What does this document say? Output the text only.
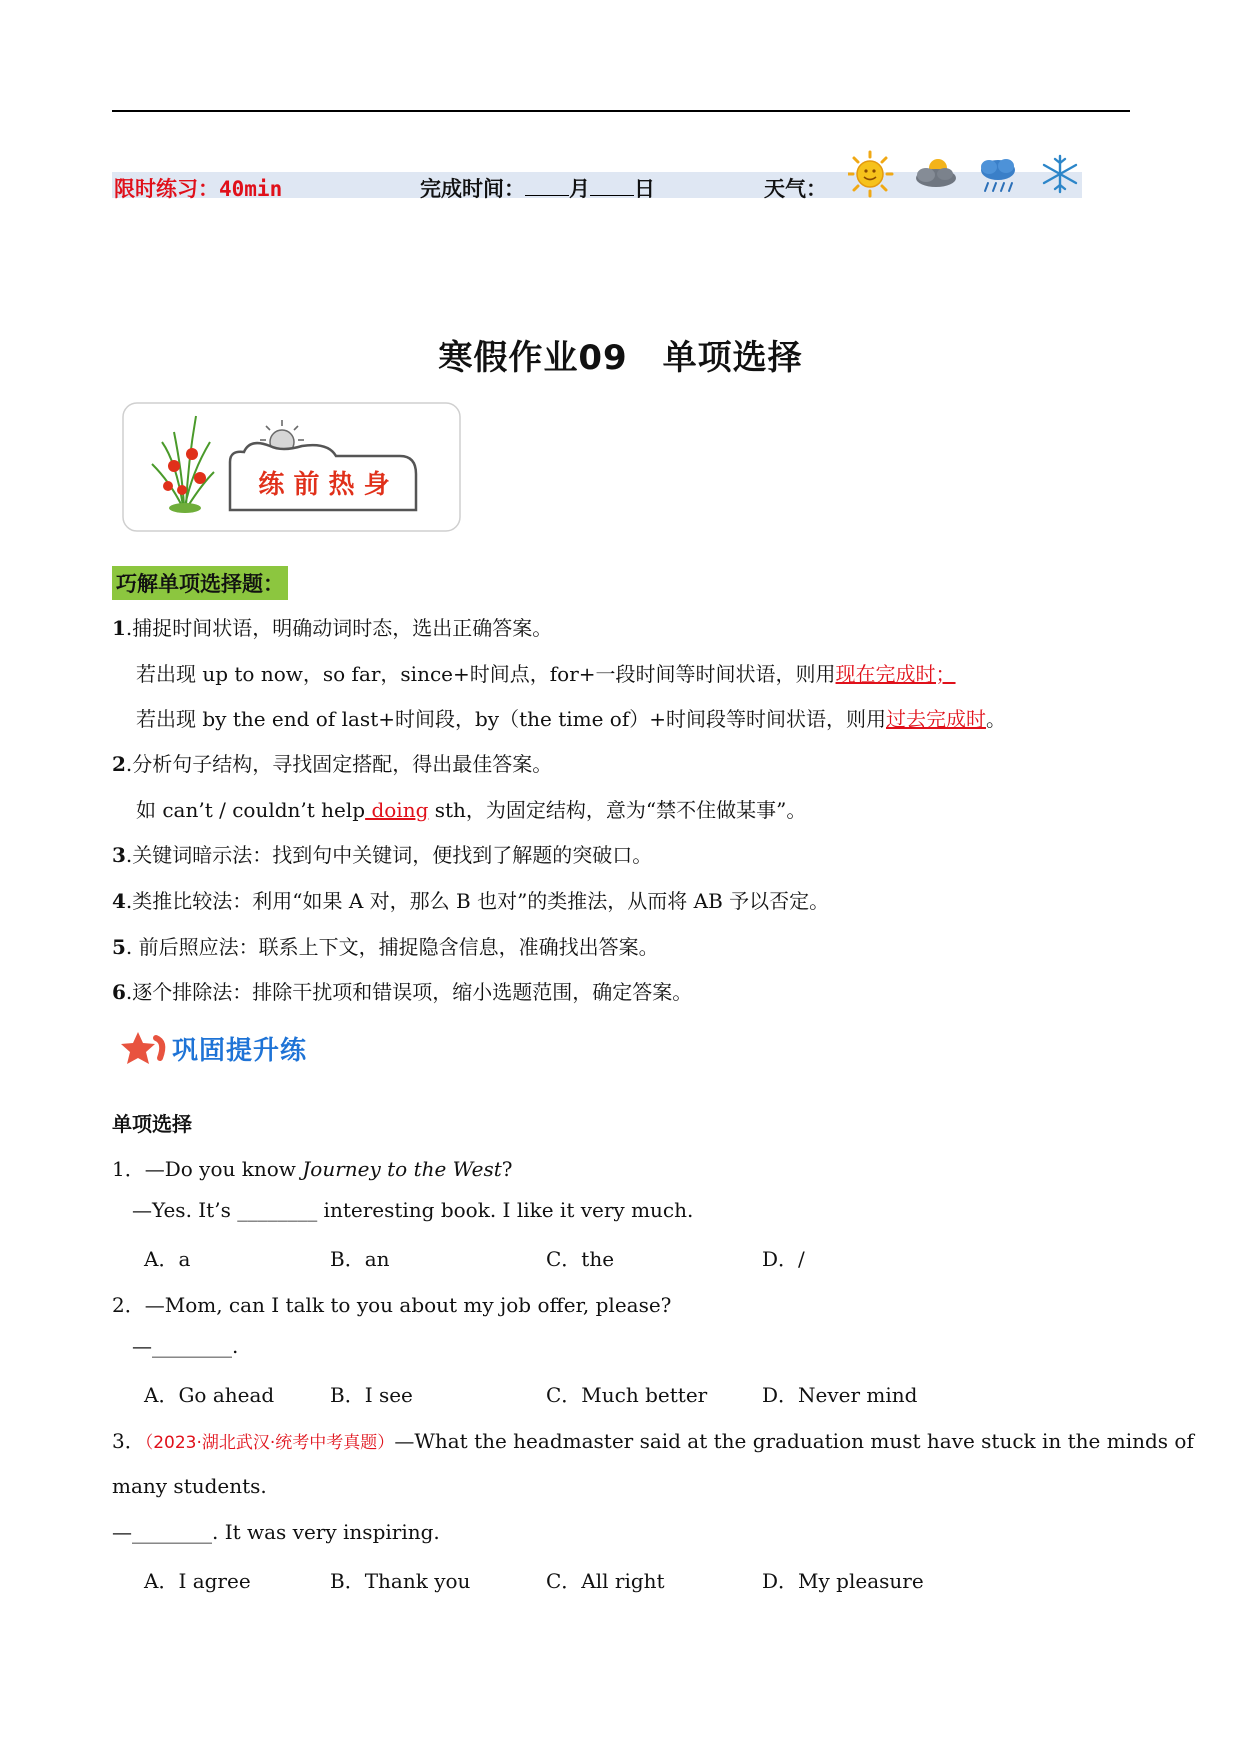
限时练习：40min	完成时间： 月 日	天气：
寒假作业09　单项选择
练 前 热 身
巧解单项选择题：
1.捕捉时间状语，明确动词时态，选出正确答案。
若出现 up to now，so far，since+时间点，for+一段时间等时间状语，则用现在完成时；
若出现 by the end of last+时间段，by（the time of）+时间段等时间状语，则用过去完成时。
2.分析句子结构，寻找固定搭配，得出最佳答案。
如 can’t / couldn’t help doing sth，为固定结构，意为“禁不住做某事”。
3.关键词暗示法：找到句中关键词，便找到了解题的突破口。
4.类推比较法：利用“如果 A 对，那么 B 也对”的类推法，从而将 AB 予以否定。
5. 前后照应法：联系上下文，捕捉隐含信息，准确找出答案。
6.逐个排除法：排除干扰项和错误项，缩小选题范围，确定答案。
巩固提升练
单项选择
1．—Do you know Journey to the West?
—Yes. It’s ________ interesting book. I like it very much.
A．a	B．an	C．the	D．/
2．—Mom, can I talk to you about my job offer, please?
—________.
A．Go ahead	B．I see	C．Much better	D．Never mind
3．（2023·湖北武汉·统考中考真题）—What the headmaster said at the graduation must have stuck in the minds of
many students.
—________. It was very inspiring.
A．I agree	B．Thank you	C．All right	D．My pleasure
